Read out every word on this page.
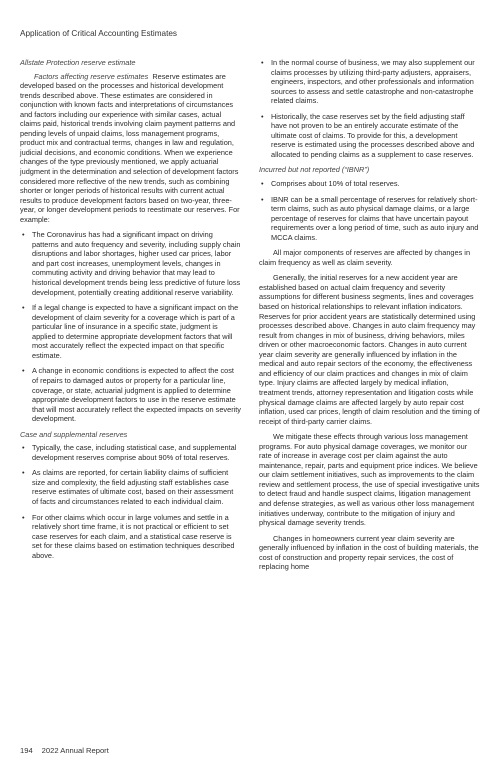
Application of Critical Accounting Estimates
Allstate Protection reserve estimate

Factors affecting reserve estimates Reserve estimates are developed based on the processes and historical development trends described above. These estimates are considered in conjunction with known facts and interpretations of circumstances and factors including our experience with similar cases, actual claims paid, historical trends involving claim payment patterns and pending levels of unpaid claims, loss management programs, product mix and contractual terms, changes in law and regulation, judicial decisions, and economic conditions. When we experience changes of the type previously mentioned, we apply actuarial judgment in the determination and selection of development factors considered more reflective of the new trends, such as combining shorter or longer periods of historical results with current actual results to produce development factors based on two-year, three-year, or longer development periods to reestimate our reserves. For example:

• The Coronavirus has had a significant impact on driving patterns and auto frequency and severity, including supply chain disruptions and labor shortages, higher used car prices, labor and part cost increases, unemployment levels, changes in commuting activity and driving behavior that may lead to historical development trends being less predictive of future loss development, potentially creating additional reserve variability.
• If a legal change is expected to have a significant impact on the development of claim severity for a coverage which is part of a particular line of insurance in a specific state, judgment is applied to determine appropriate development factors that will most accurately reflect the expected impact on that specific estimate.
• A change in economic conditions is expected to affect the cost of repairs to damaged autos or property for a particular line, coverage, or state, actuarial judgment is applied to determine appropriate development factors to use in the reserve estimate that will most accurately reflect the expected impacts on severity development.
Case and supplemental reserves
• Typically, the case, including statistical case, and supplemental development reserves comprise about 90% of total reserves.
• As claims are reported, for certain liability claims of sufficient size and complexity, the field adjusting staff establishes case reserve estimates of ultimate cost, based on their assessment of facts and circumstances related to each individual claim.
• For other claims which occur in large volumes and settle in a relatively short time frame, it is not practical or efficient to set case reserves for each claim, and a statistical case reserve is set for these claims based on estimation techniques described above.
• In the normal course of business, we may also supplement our claims processes by utilizing third-party adjusters, appraisers, engineers, inspectors, and other professionals and information sources to assess and settle catastrophe and non-catastrophe related claims.
• Historically, the case reserves set by the field adjusting staff have not proven to be an entirely accurate estimate of the ultimate cost of claims. To provide for this, a development reserve is estimated using the processes described above and allocated to pending claims as a supplement to case reserves.
Incurred but not reported (“IBNR”)
• Comprises about 10% of total reserves.
• IBNR can be a small percentage of reserves for relatively short-term claims, such as auto physical damage claims, or a large percentage of reserves for claims that have uncertain payout requirements over a long period of time, such as auto injury and MCCA claims.

All major components of reserves are affected by changes in claim frequency as well as claim severity.

Generally, the initial reserves for a new accident year are established based on actual claim frequency and severity assumptions for different business segments, lines and coverages based on historical relationships to relevant inflation indicators. Reserves for prior accident years are statistically determined using processes described above. Changes in auto claim frequency may result from changes in mix of business, driving behaviors, miles driven or other macroeconomic factors. Changes in auto current year claim severity are generally influenced by inflation in the medical and auto repair sectors of the economy, the effectiveness and efficiency of our claim practices and changes in mix of claim type. Injury claims are affected largely by medical inflation, treatment trends, attorney representation and litigation costs while physical damage claims are affected largely by auto repair cost inflation, used car prices, length of claim resolution and the timing of receipt of third-party carrier claims.

We mitigate these effects through various loss management programs. For auto physical damage coverages, we monitor our rate of increase in average cost per claim against the auto maintenance, repair, parts and equipment price indices. We believe our claim settlement initiatives, such as improvements to the claim review and settlement process, the use of special investigative units to detect fraud and handle suspect claims, litigation management and defense strategies, as well as various other loss management initiatives underway, contribute to the mitigation of injury and physical damage severity trends.

Changes in homeowners current year claim severity are generally influenced by inflation in the cost of building materials, the cost of construction and property repair services, the cost of replacing home

194 2022 Annual Report
